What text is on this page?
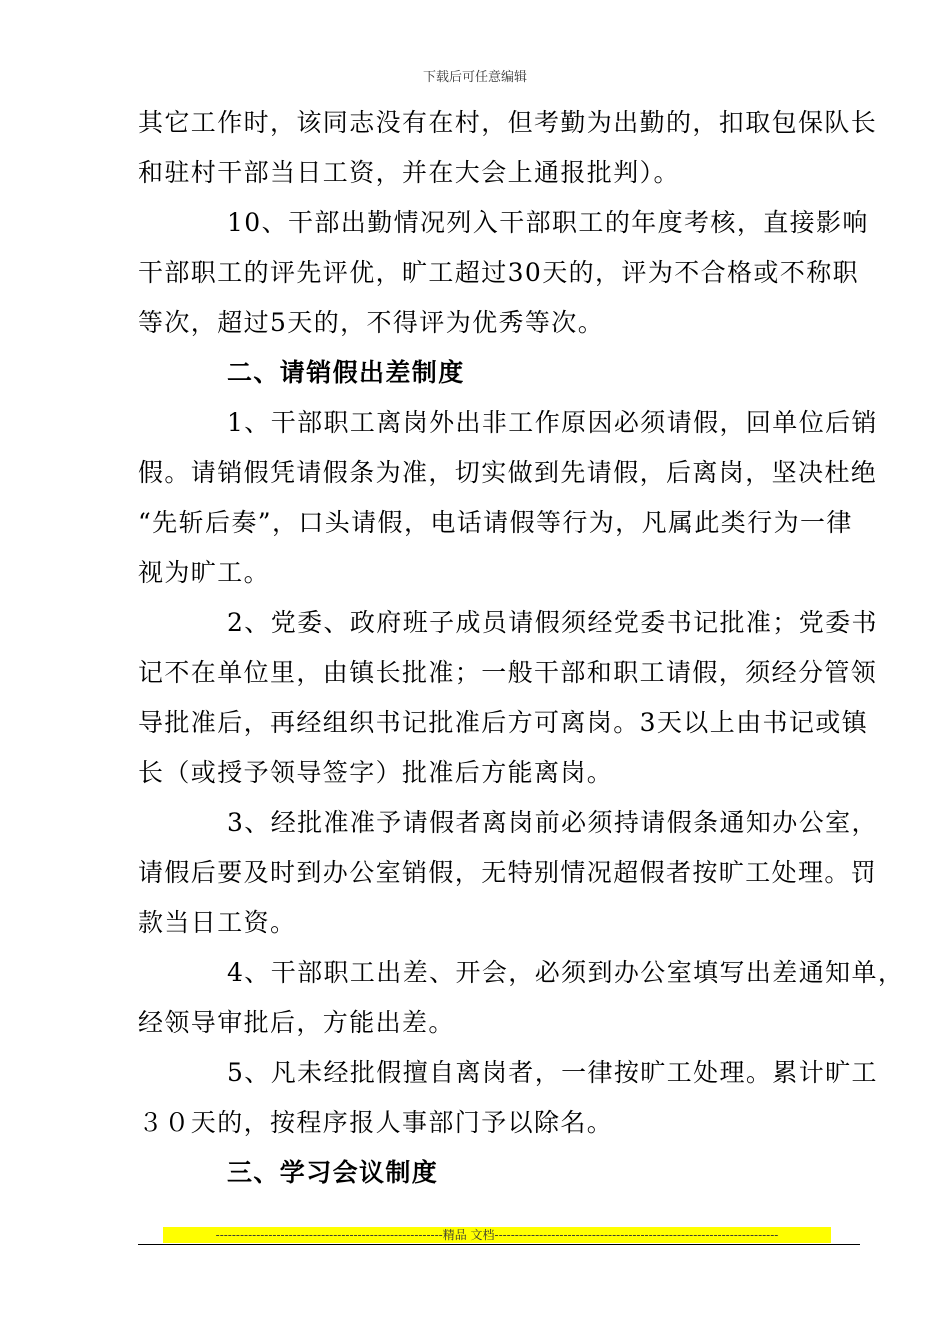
下载后可任意编辑
其它工作时，该同志没有在村，但考勤为出勤的，扣取包保队长
和驻村干部当日工资，并在大会上通报批判）。
10、干部出勤情况列入干部职工的年度考核，直接影响
干部职工的评先评优，旷工超过30天的，评为不合格或不称职
等次，超过5天的，不得评为优秀等次。
二、请销假出差制度
1、干部职工离岗外出非工作原因必须请假，回单位后销
假。请销假凭请假条为准，切实做到先请假，后离岗，坚决杜绝
“先斩后奏”，口头请假，电话请假等行为，凡属此类行为一律
视为旷工。
2、党委、政府班子成员请假须经党委书记批准；党委书
记不在单位里，由镇长批准；一般干部和职工请假，须经分管领
导批准后，再经组织书记批准后方可离岗。3天以上由书记或镇
长（或授予领导签字）批准后方能离岗。
3、经批准准予请假者离岗前必须持请假条通知办公室，
请假后要及时到办公室销假，无特别情况超假者按旷工处理。罚
款当日工资。
4、干部职工出差、开会，必须到办公室填写出差通知单，
经领导审批后，方能出差。
5、凡未经批假擅自离岗者，一律按旷工处理。累计旷工
３０天的，按程序报人事部门予以除名。
三、学习会议制度
--------------------------------------------------------精品 文档----------------------------------------------------------------------
